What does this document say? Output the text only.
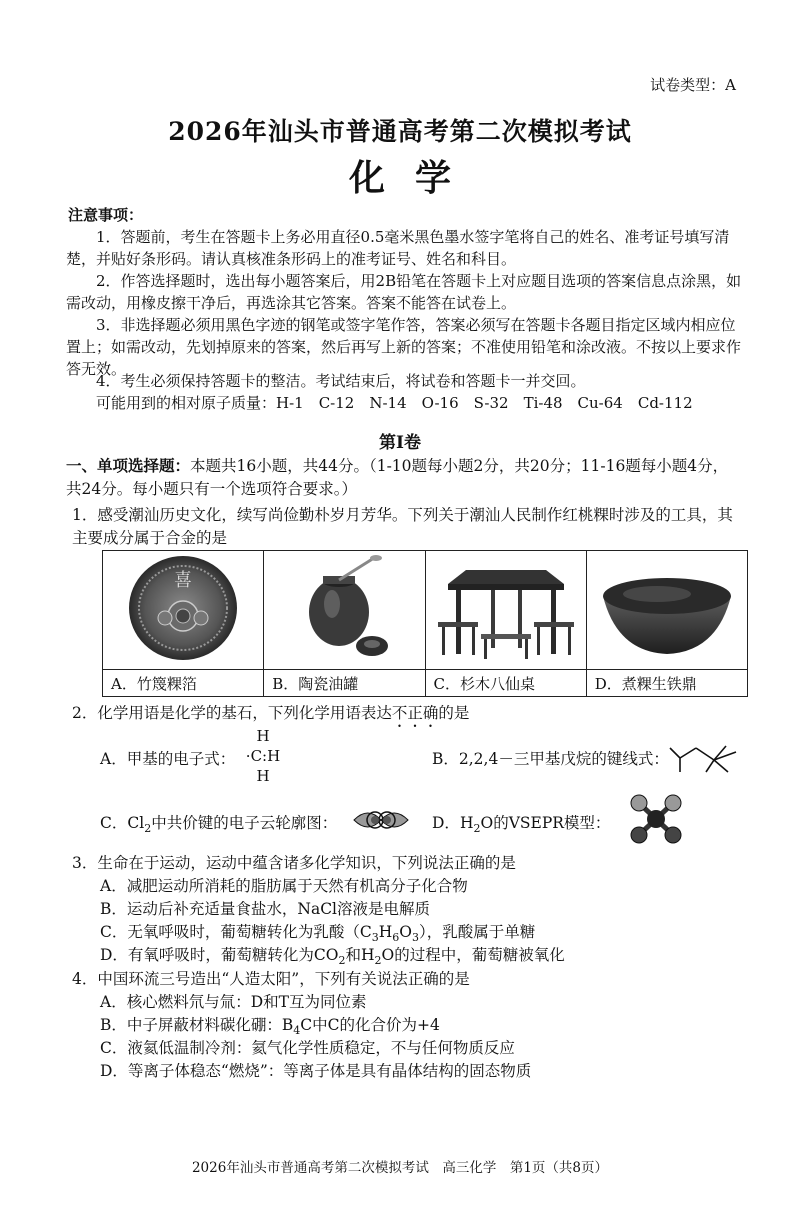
试卷类型：A
2026年汕头市普通高考第二次模拟考试
化学
注意事项：
1．答题前，考生在答题卡上务必用直径0.5毫米黑色墨水签字笔将自己的姓名、准考证号填写清楚，并贴好条形码。请认真核准条形码上的准考证号、姓名和科目。
2．作答选择题时，选出每小题答案后，用2B铅笔在答题卡上对应题目选项的答案信息点涂黑，如需改动，用橡皮擦干净后，再选涂其它答案。答案不能答在试卷上。
3．非选择题必须用黑色字迹的钢笔或签字笔作答，答案必须写在答题卡各题目指定区域内相应位置上；如需改动，先划掉原来的答案，然后再写上新的答案；不准使用铅笔和涂改液。不按以上要求作答无效。
4．考生必须保持答题卡的整洁。考试结束后，将试卷和答题卡一并交回。
可能用到的相对原子质量：H-1　C-12　N-14　O-16　S-32　Ti-48　Cu-64　Cd-112
第Ⅰ卷
一、单项选择题：本题共16小题，共44分。（1-10题每小题2分，共20分；11-16题每小题4分，共24分。每小题只有一个选项符合要求。）
1．感受潮汕历史文化，续写尚俭勤朴岁月芳华。下列关于潮汕人民制作红桃粿时涉及的工具，其主要成分属于合金的是
喜

A．竹篾粿箔	B．陶瓷油罐	C．杉木八仙桌	D．煮粿生铁鼎
2．化学用语是化学的基石，下列化学用语表达不正确的是
A．甲基的电子式：
H
·C:H
H
B．2,2,4－三甲基戊烷的键线式：
C．$Cl_2$中共价键的电子云轮廓图：	D．$H_2O$的VSEPR模型：
3．生命在于运动，运动中蕴含诸多化学知识，下列说法正确的是
A．减肥运动所消耗的脂肪属于天然有机高分子化合物
B．运动后补充适量食盐水，NaCl溶液是电解质
C．无氧呼吸时，葡萄糖转化为乳酸$(C_3H_6O_3)$，乳酸属于单糖
D．有氧呼吸时，葡萄糖转化为$CO_2$和$H_2O$的过程中，葡萄糖被氧化
4．中国环流三号造出“人造太阳”，下列有关说法正确的是
A．核心燃料氘与氚：D和T互为同位素
B．中子屏蔽材料碳化硼：$B_4C$中C的化合价为+4
C．液氦低温制冷剂：氦气化学性质稳定，不与任何物质反应
D．等离子体稳态“燃烧”：等离子体是具有晶体结构的固态物质
2026年汕头市普通高考第二次模拟考试　高三化学　第1页（共8页）
